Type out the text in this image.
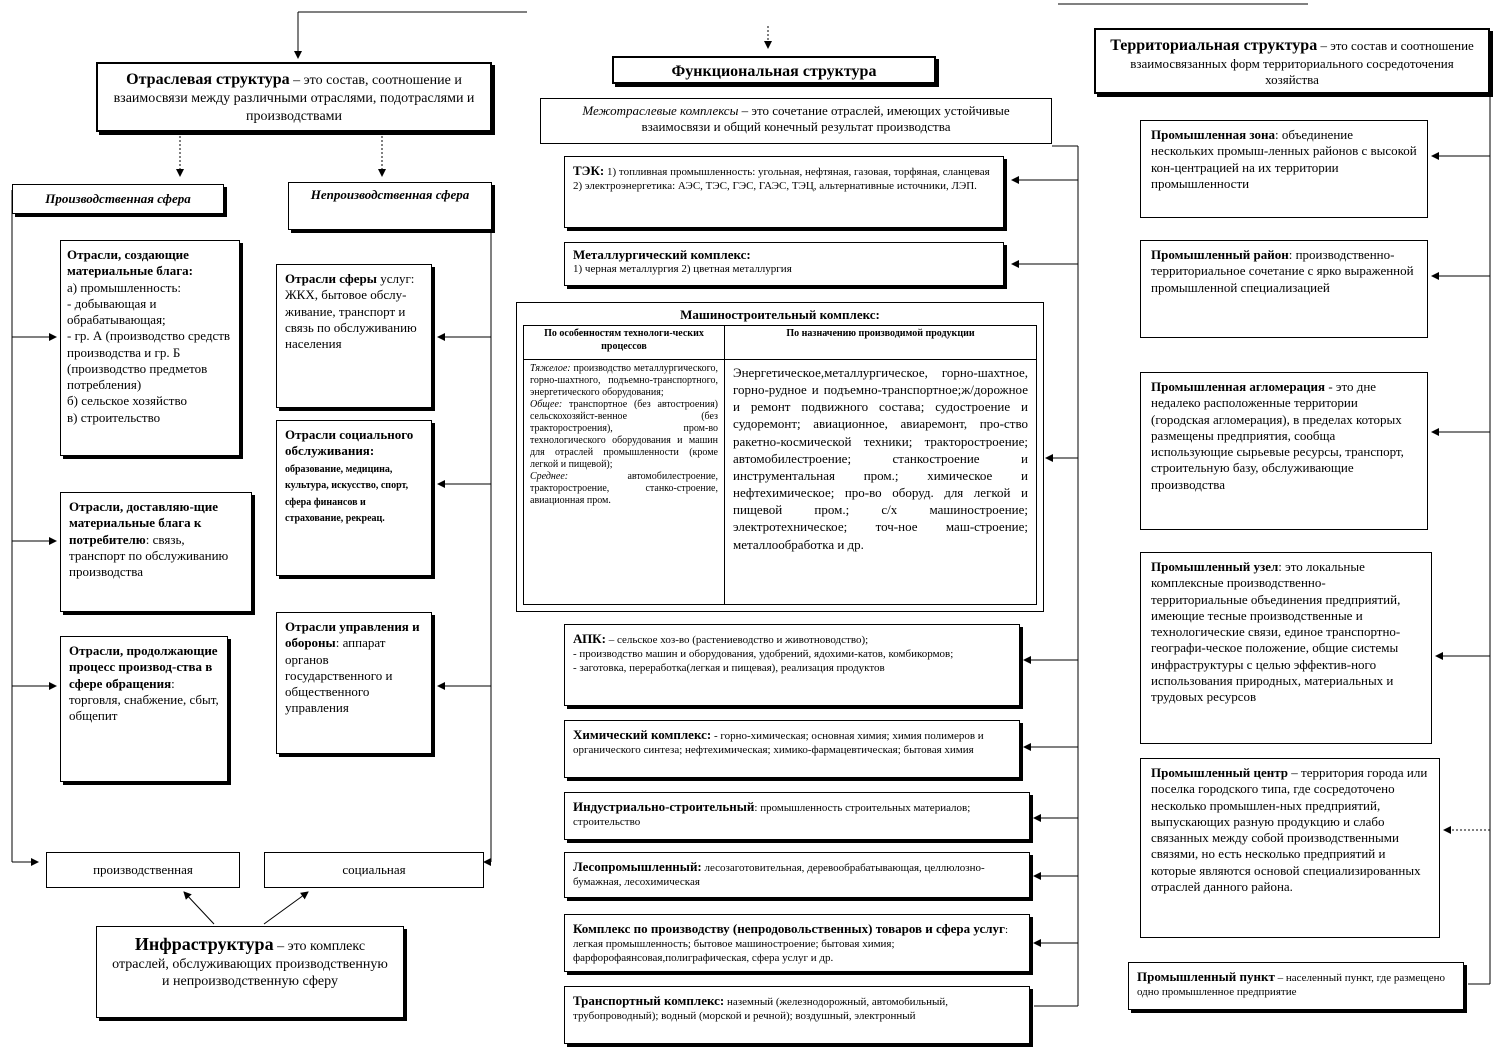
Отраслевая структура – это состав, соотношение и взаимосвязи между различными отраслями, подотраслями и производствами
Производственная сфера	Непроизводственная сфера
Отрасли, создающие материальные блага:
а) промышленность:
- добывающая и обрабатывающая;
- гр. А (производство средств производства и гр. Б (производство предметов потребления)
б) сельское хозяйство
в) строительство
Отрасли, доставляю-щие материальные блага к потребителю: связь, транспорт по обслуживанию производства
Отрасли, продолжающие процесс производ-ства в сфере обращения: торговля, снабжение, сбыт, общепит
Отрасли сферы услуг: ЖКХ, бытовое обслу-живание, транспорт и связь по обслуживанию населения
Отрасли социального обслуживания:
образование, медицина, культура, искусство, спорт, сфера финансов и страхование, рекреац.
Отрасли управления и обороны: аппарат органов государственного и общественного управления
производственная	социальная
Инфраструктура – это комплекс отраслей, обслуживающих производственную и непроизводственную сферу
Функциональная структура
Межотраслевые комплексы – это сочетание отраслей, имеющих устойчивые взаимосвязи и общий конечный результат производства
ТЭК: 1) топливная промышленность: угольная, нефтяная, газовая, торфяная, сланцевая
2) электроэнергетика: АЭС, ТЭС, ГЭС, ГАЭС, ТЭЦ, альтернативные источники, ЛЭП.
Металлургический комплекс:
1) черная металлургия 2) цветная металлургия
Машиностроительный комплекс:
По особенностям технологи-ческих процессов
Тяжелое: производство металлургического, горно-шахтного, подъемно-транспортного, энергетического оборудования;
Общее: транспортное (без автостроения) сельскохозяйст-венное (без тракторостроения), пром-во технологического оборудования и машин для отраслей промышленности (кроме легкой и пищевой);
Среднее: автомобилестроение, тракторостроение, станко-строение, авиационная пром.
По назначению производимой продукции
Энергетическое,металлургическое, горно-шахтное, горно-рудное и подъемно-транспортное;ж/дорожное и ремонт подвижного состава; судостроение и судоремонт; авиационное, авиаремонт, про-ство ракетно-космической техники; тракторостроение; автомобилестроение; станкостроение и инструментальная пром.; химическое и нефтехимическое; про-во оборуд. для легкой и пищевой пром.; с/х машиностроение; электротехническое; точ-ное маш-строение; металлообработка и др.
АПК: – сельское хоз-во (растениеводство и животноводство);
- производство машин и оборудования, удобрений, ядохими-катов, комбикормов;
- заготовка, переработка(легкая и пищевая), реализация продуктов
Химический комплекс: - горно-химическая; основная химия; химия полимеров и органического синтеза; нефтехимическая; химико-фармацевтическая; бытовая химия
Индустриально-строительный: промышленность строительных материалов; строительство
Лесопромышленный: лесозаготовительная, деревообрабатывающая, целлюлозно-бумажная, лесохимическая
Комплекс по производству (непродовольственных) товаров и сфера услуг: легкая промышленность; бытовое машиностроение; бытовая химия; фарфорофаянсовая,полиграфическая, сфера услуг и др.
Транспортный комплекс: наземный (железнодорожный, автомобильный, трубопроводный); водный (морской и речной); воздушный, электронный
Территориальная структура – это состав и соотношение взаимосвязанных форм территориального сосредоточения хозяйства
Промышленная зона: объединение нескольких промыш-ленных районов с высокой кон-центрацией на их территории промышленности
Промышленный район: производственно-территориальное сочетание с ярко выраженной промышленной специализацией
Промышленная агломерация - это дне недалеко расположенные территории (городская агломерация), в пределах которых размещены предприятия, сообща использующие сырьевые ресурсы, транспорт, строительную базу, обслуживающие производства
Промышленный узел: это локальные комплексные производственно-территориальные объединения предприятий, имеющие тесные производственные и технологические связи, единое транспортно-географи-ческое положение, общие системы инфраструктуры с целью эффектив-ного использования природных, материальных и трудовых ресурсов
Промышленный центр – территория города или поселка городского типа, где сосредоточено несколько промышлен-ных предприятий, выпускающих разную продукцию и слабо связанных между собой производственными связями, но есть несколько предприятий и которые являются основой специализированных отраслей данного района.
Промышленный пункт – населенный пункт, где размещено одно промышленное предприятие
